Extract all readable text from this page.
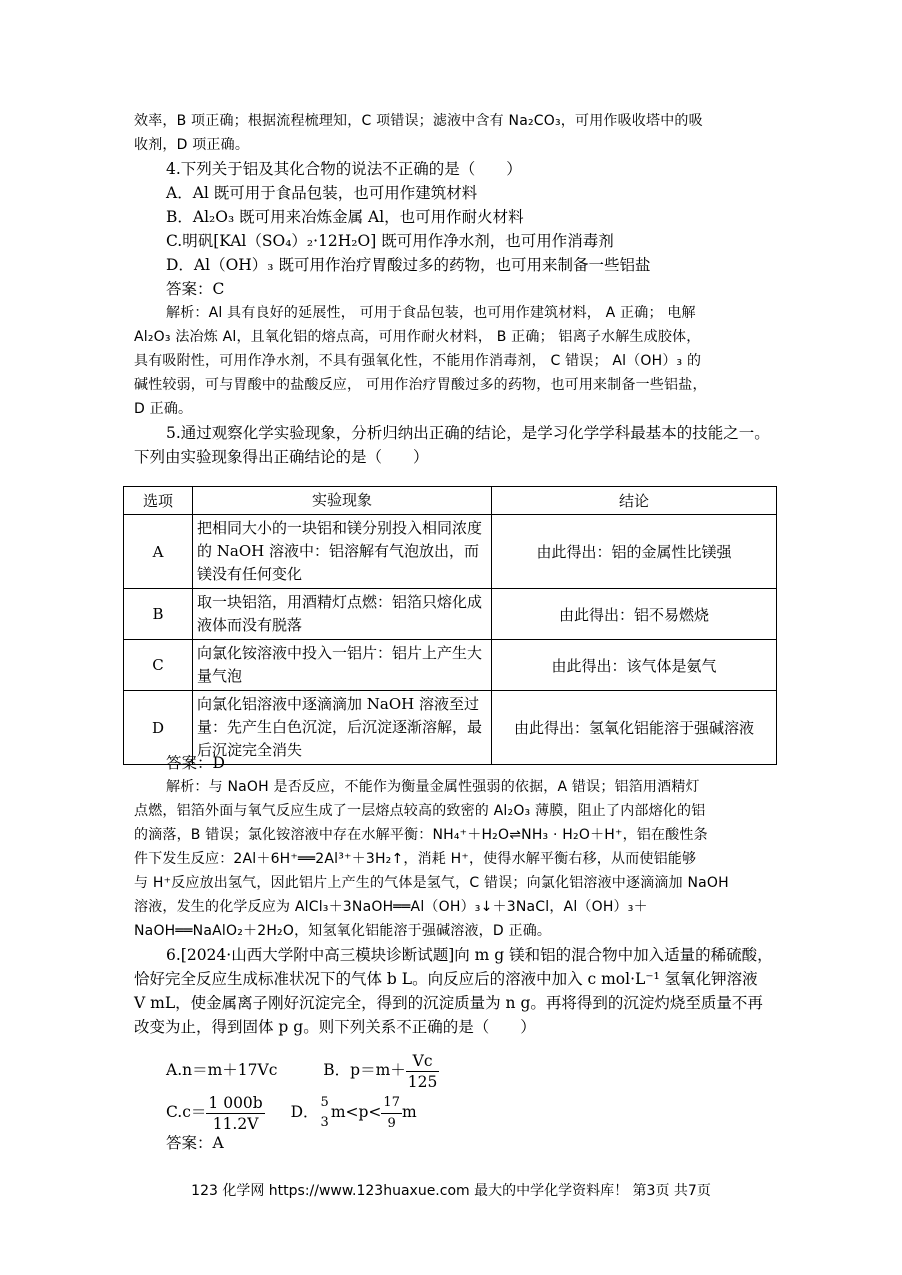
效率，B 项正确；根据流程梳理知，C 项错误；滤液中含有 Na₂CO₃，可用作吸收塔中的吸
收剂，D 项正确。
4.下列关于铝及其化合物的说法不正确的是（　　）
A．Al 既可用于食品包装，也可用作建筑材料
B．Al₂O₃ 既可用来冶炼金属 Al，也可用作耐火材料
C.明矾[KAl（SO₄）₂·12H₂O] 既可用作净水剂，也可用作消毒剂
D．Al（OH）₃ 既可用作治疗胃酸过多的药物，也可用来制备一些铝盐
答案：C
解析：Al 具有良好的延展性， 可用于食品包装，也可用作建筑材料， A 正确； 电解
Al₂O₃ 法冶炼 Al，且氧化铝的熔点高，可用作耐火材料， B 正确； 铝离子水解生成胶体，
具有吸附性，可用作净水剂，不具有强氧化性，不能用作消毒剂， C 错误； Al（OH）₃ 的
碱性较弱，可与胃酸中的盐酸反应， 可用作治疗胃酸过多的药物，也可用来制备一些铝盐，
D 正确。
5.通过观察化学实验现象，分析归纳出正确的结论，是学习化学学科最基本的技能之一。
下列由实验现象得出正确结论的是（　　）
选项	实验现象	结论
A	把相同大小的一块铝和镁分别投入相同浓度的 NaOH 溶液中：铝溶解有气泡放出，而镁没有任何变化	由此得出：铝的金属性比镁强
B	取一块铝箔，用酒精灯点燃：铝箔只熔化成液体而没有脱落	由此得出：铝不易燃烧
C	向氯化铵溶液中投入一铝片：铝片上产生大量气泡	由此得出：该气体是氨气
D	向氯化铝溶液中逐滴滴加 NaOH 溶液至过量：先产生白色沉淀，后沉淀逐渐溶解，最后沉淀完全消失	由此得出：氢氧化铝能溶于强碱溶液
答案：D
解析：与 NaOH 是否反应，不能作为衡量金属性强弱的依据，A 错误；铝箔用酒精灯
点燃，铝箔外面与氧气反应生成了一层熔点较高的致密的 Al₂O₃ 薄膜，阻止了内部熔化的铝
的滴落，B 错误；氯化铵溶液中存在水解平衡：NH₄⁺＋H₂O⇌NH₃ · H₂O＋H⁺，铝在酸性条
件下发生反应：2Al＋6H⁺══2Al³⁺＋3H₂↑，消耗 H⁺，使得水解平衡右移，从而使铝能够
与 H⁺反应放出氢气，因此铝片上产生的气体是氢气，C 错误；向氯化铝溶液中逐滴滴加 NaOH
溶液，发生的化学反应为 AlCl₃＋3NaOH══Al（OH）₃↓＋3NaCl，Al（OH）₃＋
NaOH══NaAlO₂＋2H₂O，知氢氧化铝能溶于强碱溶液，D 正确。
6.[2024·山西大学附中高三模块诊断试题]向 m g 镁和铝的混合物中加入适量的稀硫酸，
恰好完全反应生成标准状况下的气体 b L。向反应后的溶液中加入 c mol·L⁻¹ 氢氧化钾溶液
V mL，使金属离子刚好沉淀完全，得到的沉淀质量为 n g。再将得到的沉淀灼烧至质量不再
改变为止，得到固体 p g。则下列关系不正确的是（　　）
A.n＝m＋17Vc	B．$p=m+ \frac{Vc}{125}$
$C.c= \frac{1 000b}{11.2V}$ D．
5
3
$m<p< \frac{17}{9}$ m
答案：A
123 化学网 https://www.123huaxue.com 最大的中学化学资料库！ 第3页 共7页
